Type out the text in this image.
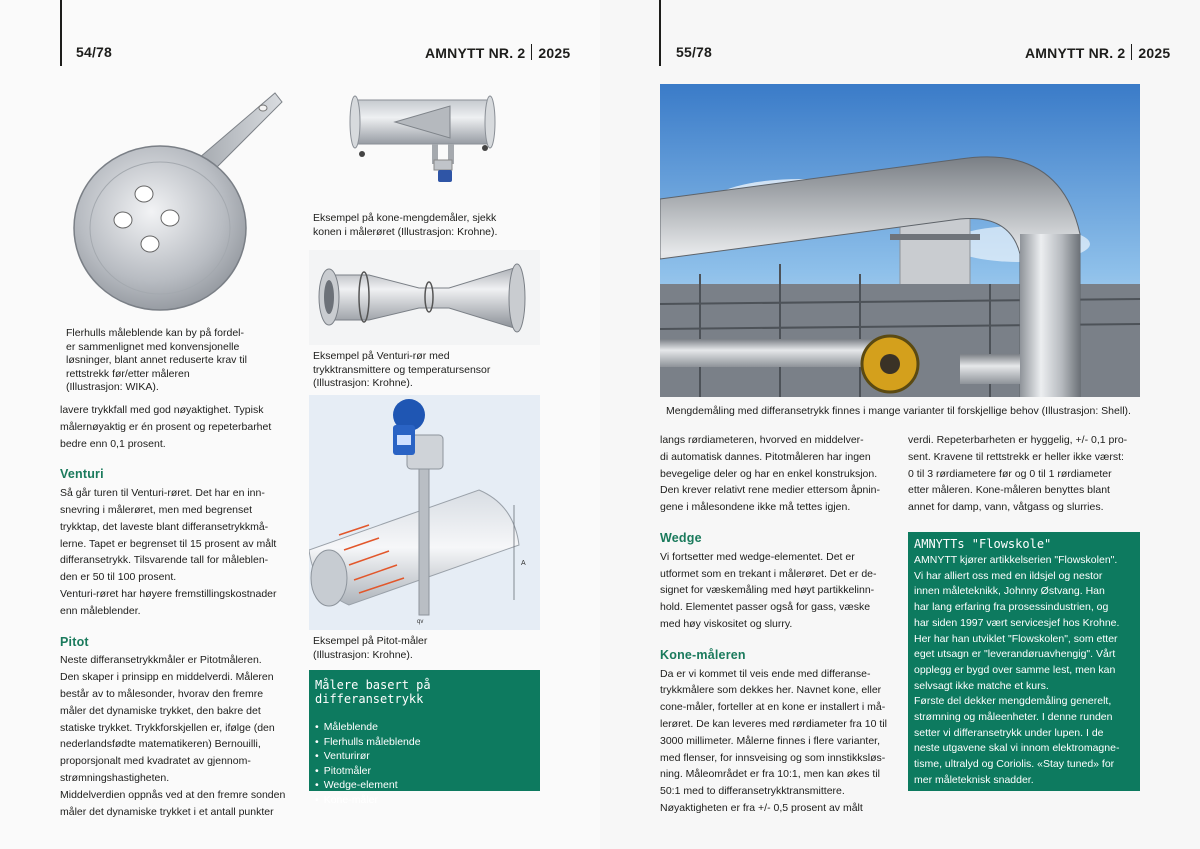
54/78	AMNYTT NR. 2 2025
Flerhulls måleblende kan by på fordel-
er sammenlignet med konvensjonelle
løsninger, blant annet reduserte krav til
rettstrekk før/etter måleren
(Illustrasjon: WIKA).

lavere trykkfall med god nøyaktighet. Typisk
målernøyaktig er én prosent og repeterbarhet
bedre enn 0,1 prosent.

Venturi

Så går turen til Venturi-røret. Det har en inn-
snevring i målerøret, men med begrenset
trykktap, det laveste blant differansetrykkmå-
lerne. Tapet er begrenset til 15 prosent av målt
differansetrykk. Tilsvarende tall for måleblen-
den er 50 til 100 prosent.
Venturi-røret har høyere fremstillingskostnader
enn måleblender.

Pitot

Neste differansetrykkmåler er Pitotmåleren.
Den skaper i prinsipp en middelverdi. Måleren
består av to målesonder, hvorav den fremre
måler det dynamiske trykket, den bakre det
statiske trykket. Trykkforskjellen er, ifølge (den
nederlandsfødte matematikeren) Bernouilli,
proporsjonalt med kvadratet av gjennom-
strømningshastigheten.
Middelverdien oppnås ved at den fremre sonden
måler det dynamiske trykket i et antall punkter

Eksempel på kone-mengdemåler, sjekk
konen i målerøret (Illustrasjon: Krohne).
Eksempel på Venturi-rør med
trykktransmittere og temperatursensor
(Illustrasjon: Krohne).
A
qv
Eksempel på Pitot-måler
(Illustrasjon: Krohne).
Målere basert på differansetrykk
• Måleblende
• Flerhulls måleblende
• Venturirør
• Pitotmåler
• Wedge-element
• Kone-måler
55/78	AMNYTT NR. 2 2025
Mengdemåling med differansetrykk finnes i mange varianter til forskjellige behov (Illustrasjon: Shell).

langs rørdiameteren, hvorved en middelver-
di automatisk dannes. Pitotmåleren har ingen
bevegelige deler og har en enkel konstruksjon.
Den krever relativt rene medier ettersom åpnin-
gene i målesondene ikke må tettes igjen.

Wedge

Vi fortsetter med wedge-elementet. Det er
utformet som en trekant i målerøret. Det er de-
signet for væskemåling med høyt partikkelinn-
hold. Elementet passer også for gass, væske
med høy viskositet og slurry.

Kone-måleren

Da er vi kommet til veis ende med differanse-
trykkmålere som dekkes her. Navnet kone, eller
cone-måler, forteller at en kone er installert i må-
lerøret. De kan leveres med rørdiameter fra 10 til
3000 millimeter. Målerne finnes i flere varianter,
med flenser, for innsveising og som innstikksløs-
ning. Måleområdet er fra 10:1, men kan økes til
50:1 med to differansetrykktransmittere.
Nøyaktigheten er fra +/- 0,5 prosent av målt

verdi. Repeterbarheten er hyggelig, +/- 0,1 pro-
sent. Kravene til rettstrekk er heller ikke værst:
0 til 3 rørdiametere før og 0 til 1 rørdiameter
etter måleren. Kone-måleren benyttes blant
annet for damp, vann, våtgass og slurries.

AMNYTTs "Flowskole"
AMNYTT kjører artikkelserien "Flowskolen".
Vi har alliert oss med en ildsjel og nestor
innen måleteknikk, Johnny Østvang. Han
har lang erfaring fra prosessindustrien, og
har siden 1997 vært servicesjef hos Krohne.
Her har han utviklet "Flowskolen", som etter
eget utsagn er "leverandøruavhengig". Vårt
opplegg er bygd over samme lest, men kan
selvsagt ikke matche et kurs.
Første del dekker mengdemåling generelt,
strømning og måleenheter. I denne runden
setter vi differansetrykk under lupen. I de
neste utgavene skal vi innom elektromagne-
tisme, ultralyd og Coriolis. «Stay tuned» for
mer måleteknisk snadder.
